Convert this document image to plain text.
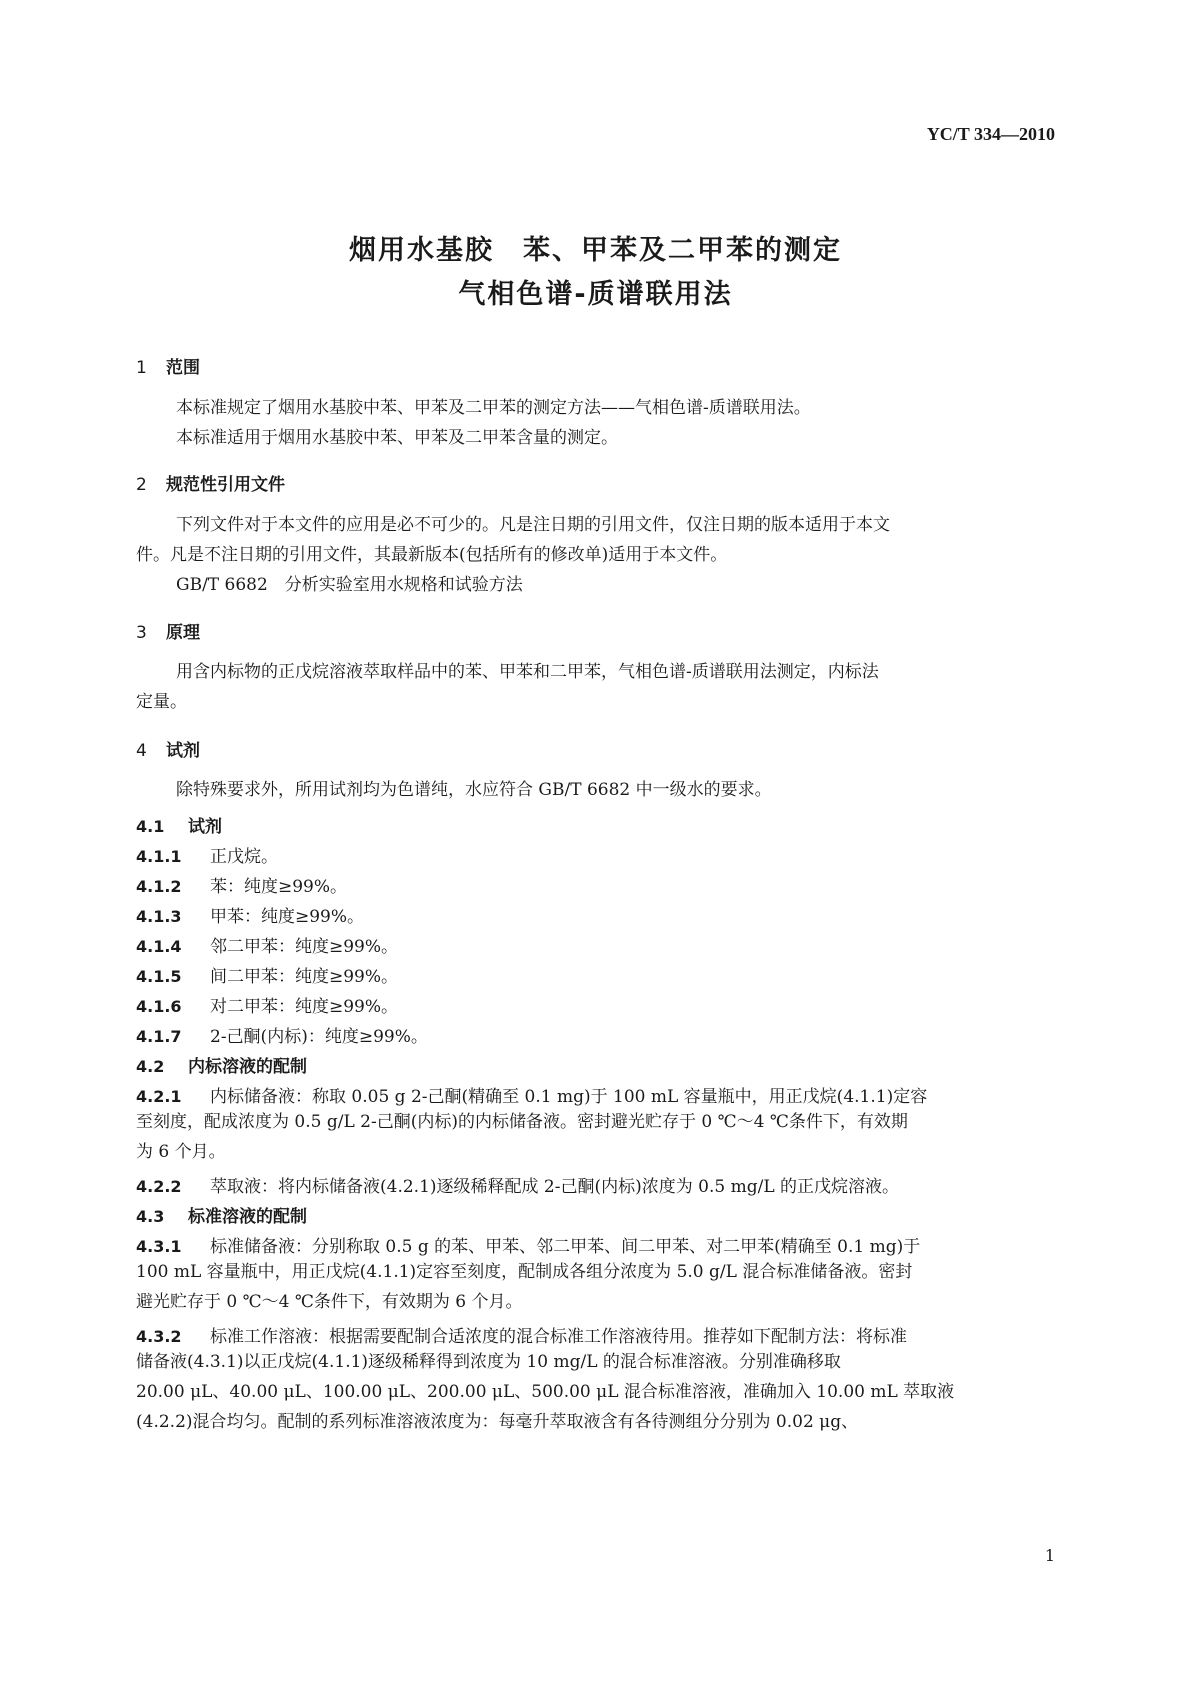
YC/T 334—2010
烟用水基胶　苯、甲苯及二甲苯的测定
气相色谱-质谱联用法
1 范围
本标准规定了烟用水基胶中苯、甲苯及二甲苯的测定方法——气相色谱-质谱联用法。
本标准适用于烟用水基胶中苯、甲苯及二甲苯含量的测定。
2 规范性引用文件
下列文件对于本文件的应用是必不可少的。凡是注日期的引用文件，仅注日期的版本适用于本文
件。凡是不注日期的引用文件，其最新版本(包括所有的修改单)适用于本文件。
GB/T 6682　分析实验室用水规格和试验方法
3 原理
用含内标物的正戊烷溶液萃取样品中的苯、甲苯和二甲苯，气相色谱-质谱联用法测定，内标法
定量。
4 试剂
除特殊要求外，所用试剂均为色谱纯，水应符合 GB/T 6682 中一级水的要求。
4.1 试剂
4.1.1 正戊烷。
4.1.2 苯：纯度≥99%。
4.1.3 甲苯：纯度≥99%。
4.1.4 邻二甲苯：纯度≥99%。
4.1.5 间二甲苯：纯度≥99%。
4.1.6 对二甲苯：纯度≥99%。
4.1.7 2-己酮(内标)：纯度≥99%。
4.2 内标溶液的配制
4.2.1 内标储备液：称取 0.05 g 2-己酮(精确至 0.1 mg)于 100 mL 容量瓶中，用正戊烷(4.1.1)定容
至刻度，配成浓度为 0.5 g/L 2-己酮(内标)的内标储备液。密封避光贮存于 0 ℃～4 ℃条件下，有效期
为 6 个月。
4.2.2 萃取液：将内标储备液(4.2.1)逐级稀释配成 2-己酮(内标)浓度为 0.5 mg/L 的正戊烷溶液。
4.3 标准溶液的配制
4.3.1 标准储备液：分别称取 0.5 g 的苯、甲苯、邻二甲苯、间二甲苯、对二甲苯(精确至 0.1 mg)于
100 mL 容量瓶中，用正戊烷(4.1.1)定容至刻度，配制成各组分浓度为 5.0 g/L 混合标准储备液。密封
避光贮存于 0 ℃～4 ℃条件下，有效期为 6 个月。
4.3.2 标准工作溶液：根据需要配制合适浓度的混合标准工作溶液待用。推荐如下配制方法：将标准
储备液(4.3.1)以正戊烷(4.1.1)逐级稀释得到浓度为 10 mg/L 的混合标准溶液。分别准确移取
20.00 μL、40.00 μL、100.00 μL、200.00 μL、500.00 μL 混合标准溶液，准确加入 10.00 mL 萃取液
(4.2.2)混合均匀。配制的系列标准溶液浓度为：每毫升萃取液含有各待测组分分别为 0.02 μg、
1
